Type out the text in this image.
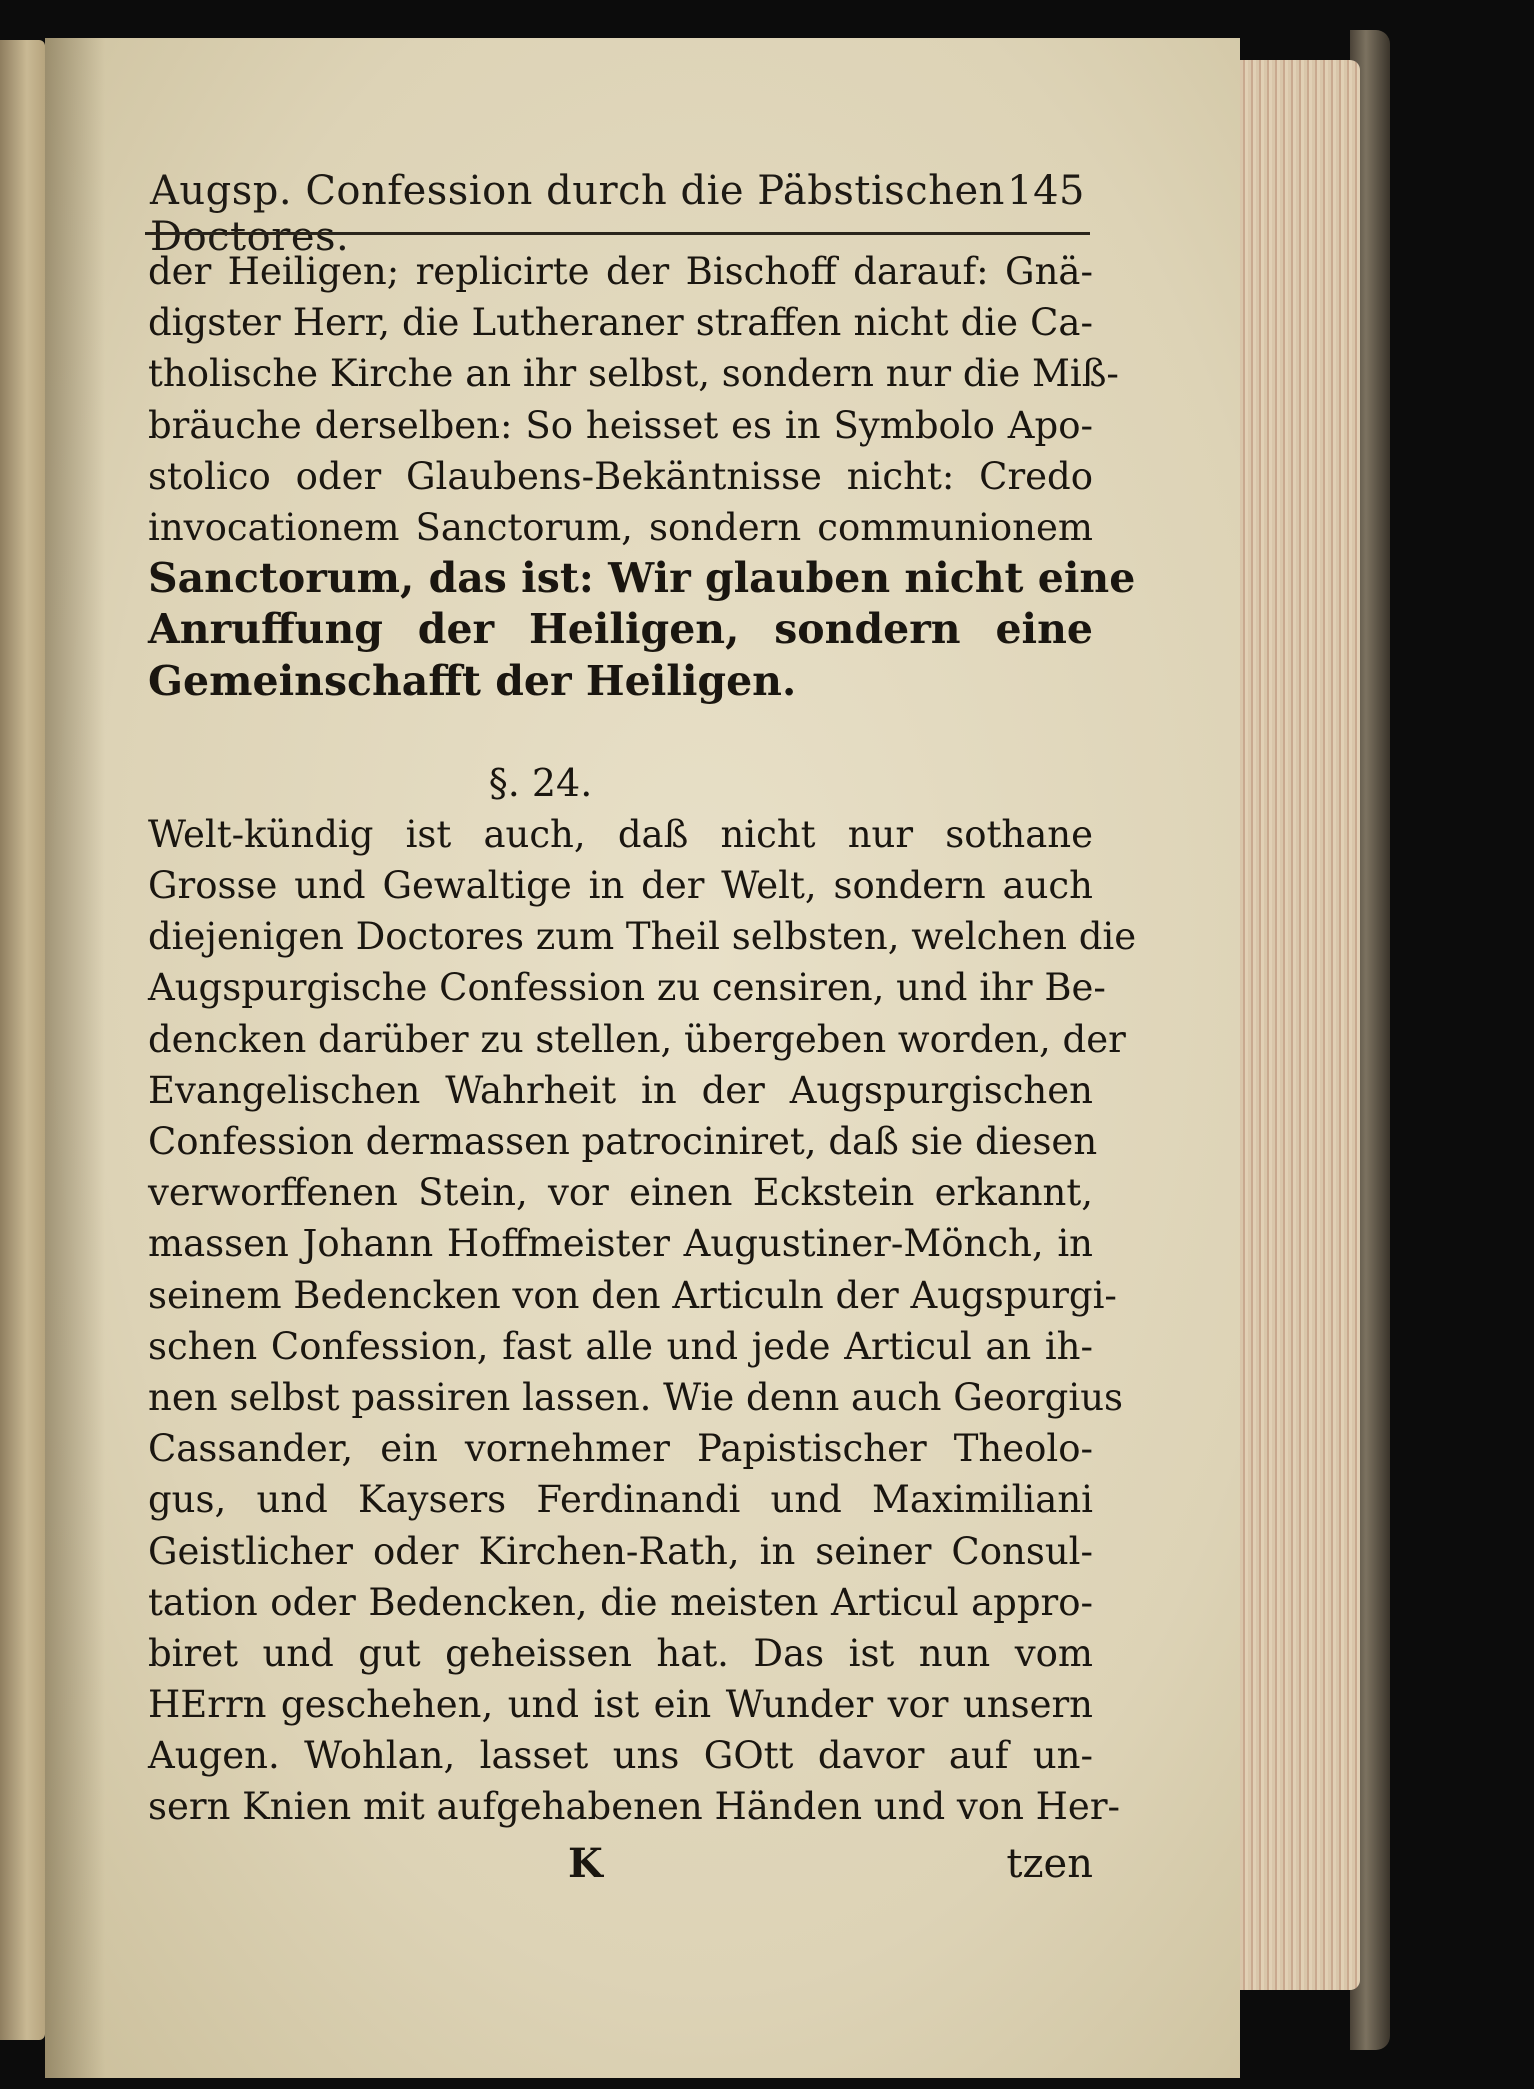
Augsp. Confession durch die Päbstischen Doctores.
145
der Heiligen; replicirte der Bischoff darauf: Gnä-
digster Herr, die Lutheraner straffen nicht die Ca-
tholische Kirche an ihr selbst, sondern nur die Miß-
bräuche derselben: So heisset es in Symbolo Apo-
stolico oder Glaubens-Bekäntnisse nicht: Credo
invocationem Sanctorum, sondern communionem
Sanctorum, das ist: Wir glauben nicht eine
Anruffung der Heiligen, sondern eine
Gemeinschafft der Heiligen.
§. 24.
Welt-kündig ist auch, daß nicht nur sothane
Grosse und Gewaltige in der Welt, sondern auch
diejenigen Doctores zum Theil selbsten, welchen die
Augspurgische Confession zu censiren, und ihr Be-
dencken darüber zu stellen, übergeben worden, der
Evangelischen Wahrheit in der Augspurgischen
Confession dermassen patrociniret, daß sie diesen
verworffenen Stein, vor einen Eckstein erkannt,
massen Johann Hoffmeister Augustiner-Mönch, in
seinem Bedencken von den Articuln der Augspurgi-
schen Confession, fast alle und jede Articul an ih-
nen selbst passiren lassen. Wie denn auch Georgius
Cassander, ein vornehmer Papistischer Theolo-
gus, und Kaysers Ferdinandi und Maximiliani
Geistlicher oder Kirchen-Rath, in seiner Consul-
tation oder Bedencken, die meisten Articul appro-
biret und gut geheissen hat. Das ist nun vom
HErrn geschehen, und ist ein Wunder vor unsern
Augen. Wohlan, lasset uns GOtt davor auf un-
sern Knien mit aufgehabenen Händen und von Her-
K	tzen
